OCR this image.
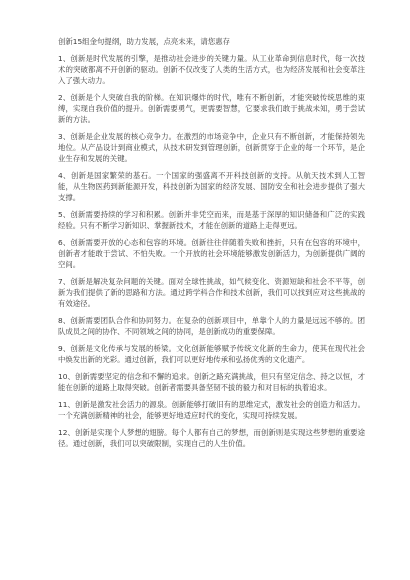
创新15组金句提纲，助力发展，点亮未来，请您惠存

1、创新是时代发展的引擎，是推动社会进步的关键力量。从工业革命到信息时代，每一次技术的突破都离不开创新的驱动。创新不仅改变了人类的生活方式，也为经济发展和社会变革注入了强大动力。

2、创新是个人突破自我的阶梯。在知识爆炸的时代，唯有不断创新，才能突破传统思维的束缚，实现自我价值的提升。创新需要勇气，更需要智慧，它要求我们敢于挑战未知，勇于尝试新的方法。

3、创新是企业发展的核心竞争力。在激烈的市场竞争中，企业只有不断创新，才能保持领先地位。从产品设计到商业模式，从技术研发到管理创新，创新贯穿于企业的每一个环节，是企业生存和发展的关键。

4、创新是国家繁荣的基石。一个国家的强盛离不开科技创新的支持。从航天技术到人工智能，从生物医药到新能源开发，科技创新为国家的经济发展、国防安全和社会进步提供了强大支撑。

5、创新需要持续的学习和积累。创新并非凭空而来，而是基于深厚的知识储备和广泛的实践经验。只有不断学习新知识、掌握新技术，才能在创新的道路上走得更远。

6、创新需要开放的心态和包容的环境。创新往往伴随着失败和挫折，只有在包容的环境中，创新者才能敢于尝试、不怕失败。一个开放的社会环境能够激发创新活力，为创新提供广阔的空间。

7、创新是解决复杂问题的关键。面对全球性挑战，如气候变化、资源短缺和社会不平等，创新为我们提供了新的思路和方法。通过跨学科合作和技术创新，我们可以找到应对这些挑战的有效途径。

8、创新需要团队合作和协同努力。在复杂的创新项目中，单靠个人的力量是远远不够的。团队成员之间的协作、不同领域之间的协同，是创新成功的重要保障。

9、创新是文化传承与发展的桥梁。文化创新能够赋予传统文化新的生命力，使其在现代社会中焕发出新的光彩。通过创新，我们可以更好地传承和弘扬优秀的文化遗产。

10、创新需要坚定的信念和不懈的追求。创新之路充满挑战，但只有坚定信念、持之以恒，才能在创新的道路上取得突破。创新者需要具备坚韧不拔的毅力和对目标的执着追求。

11、创新是激发社会活力的源泉。创新能够打破旧有的思维定式，激发社会的创造力和活力。一个充满创新精神的社会，能够更好地适应时代的变化，实现可持续发展。

12、创新是实现个人梦想的翅膀。每个人都有自己的梦想，而创新则是实现这些梦想的重要途径。通过创新，我们可以突破限制，实现自己的人生价值。
